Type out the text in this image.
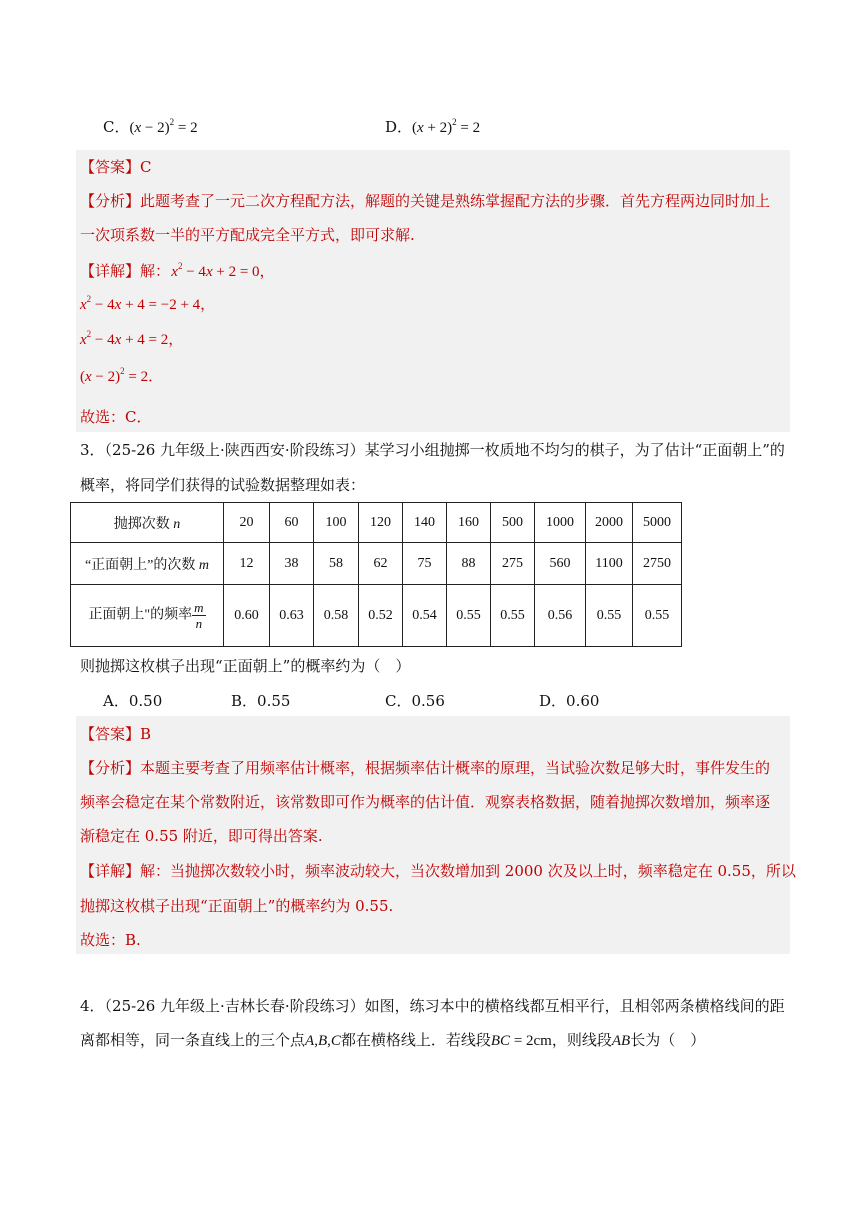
C．$(x - 2)^2 = 2$	D．$(x + 2)^2 = 2$
【答案】C
【分析】此题考查了一元二次方程配方法，解题的关键是熟练掌握配方法的步骤．首先方程两边同时加上
一次项系数一半的平方配成完全平方式，即可求解.
【详解】解： $x^2 - 4x + 2 = 0$，
$x^2 - 4x + 4 = -2 + 4$，
$x^2 - 4x + 4 = 2$，
$(x - 2)^2 = 2$．
故选：C．
3．（25-26 九年级上·陕西西安·阶段练习）某学习小组抛掷一枚质地不均匀的棋子，为了估计“正面朝上”的
概率，将同学们获得的试验数据整理如表：
抛掷次数 n	20	60	100	120	140	160	500	1000	2000	5000
“正面朝上”的次数 m	12	38	58	62	75	88	275	560	1100	2750
正面朝上"的频率 $\frac{m}{n}$	0.60	0.63	0.58	0.52	0.54	0.55	0.55	0.56	0.55	0.55
则抛掷这枚棋子出现“正面朝上”的概率约为（　）
A．0.50	B．0.55	C．0.56	D．0.60
【答案】B
【分析】本题主要考查了用频率估计概率，根据频率估计概率的原理，当试验次数足够大时，事件发生的
频率会稳定在某个常数附近，该常数即可作为概率的估计值．观察表格数据，随着抛掷次数增加，频率逐
渐稳定在 0.55 附近，即可得出答案.
【详解】解：当抛掷次数较小时，频率波动较大，当次数增加到 2000 次及以上时，频率稳定在 0.55，所以
抛掷这枚棋子出现“正面朝上”的概率约为 0.55.
故选：B.
4．（25-26 九年级上·吉林长春·阶段练习）如图，练习本中的横格线都互相平行，且相邻两条横格线间的距
离都相等，同一条直线上的三个点A,B,C都在横格线上．若线段BC = 2cm，则线段AB长为（　）
